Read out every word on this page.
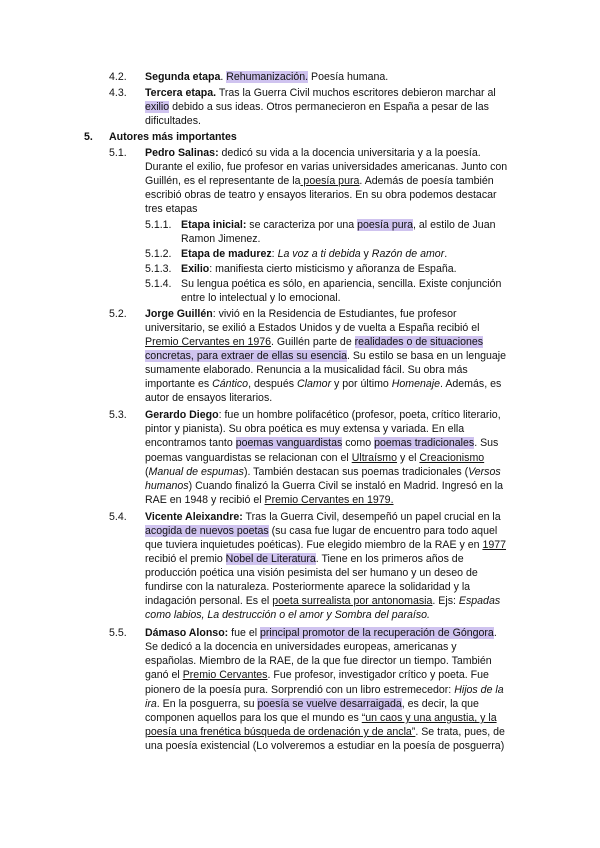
4.2. Segunda etapa. Rehumanización. Poesía humana.
4.3. Tercera etapa. Tras la Guerra Civil muchos escritores debieron marchar al
exilio debido a sus ideas. Otros permanecieron en España a pesar de las
dificultades.
5. Autores más importantes
5.1. Pedro Salinas: dedicó su vida a la docencia universitaria y a la poesía.
Durante el exilio, fue profesor en varias universidades americanas. Junto con
Guillén, es el representante de la poesía pura. Además de poesía también
escribió obras de teatro y ensayos literarios. En su obra podemos destacar
tres etapas
5.1.1. Etapa inicial: se caracteriza por una poesía pura, al estilo de Juan
Ramon Jimenez.
5.1.2. Etapa de madurez: La voz a ti debida y Razón de amor.
5.1.3. Exilio: manifiesta cierto misticismo y añoranza de España.
5.1.4. Su lengua poética es sólo, en apariencia, sencilla. Existe conjunción
entre lo intelectual y lo emocional.
5.2. Jorge Guillén: vivió en la Residencia de Estudiantes, fue profesor
universitario, se exilió a Estados Unidos y de vuelta a España recibió el
Premio Cervantes en 1976. Guillén parte de realidades o de situaciones
concretas, para extraer de ellas su esencia. Su estilo se basa en un lenguaje
sumamente elaborado. Renuncia a la musicalidad fácil. Su obra más
importante es Cántico, después Clamor y por último Homenaje. Además, es
autor de ensayos literarios.
5.3. Gerardo Diego: fue un hombre polifacético (profesor, poeta, crítico literario,
pintor y pianista). Su obra poética es muy extensa y variada. En ella
encontramos tanto poemas vanguardistas como poemas tradicionales. Sus
poemas vanguardistas se relacionan con el Ultraísmo y el Creacionismo
(Manual de espumas). También destacan sus poemas tradicionales (Versos
humanos) Cuando finalizó la Guerra Civil se instaló en Madrid. Ingresó en la
RAE en 1948 y recibió el Premio Cervantes en 1979.
5.4. Vicente Aleixandre: Tras la Guerra Civil, desempeñó un papel crucial en la
acogida de nuevos poetas (su casa fue lugar de encuentro para todo aquel
que tuviera inquietudes poéticas). Fue elegido miembro de la RAE y en 1977
recibió el premio Nobel de Literatura. Tiene en los primeros años de
producción poética una visión pesimista del ser humano y un deseo de
fundirse con la naturaleza. Posteriormente aparece la solidaridad y la
indagación personal. Es el poeta surrealista por antonomasia. Ejs: Espadas
como labios, La destrucción o el amor y Sombra del paraíso.
5.5. Dámaso Alonso: fue el principal promotor de la recuperación de Góngora.
Se dedicó a la docencia en universidades europeas, americanas y
españolas. Miembro de la RAE, de la que fue director un tiempo. También
ganó el Premio Cervantes. Fue profesor, investigador crítico y poeta. Fue
pionero de la poesía pura. Sorprendió con un libro estremecedor: Hijos de la
ira. En la posguerra, su poesía se vuelve desarraigada, es decir, la que
componen aquellos para los que el mundo es “un caos y una angustia, y la
poesía una frenética búsqueda de ordenación y de ancla”. Se trata, pues, de
una poesía existencial (Lo volveremos a estudiar en la poesía de posguerra)
